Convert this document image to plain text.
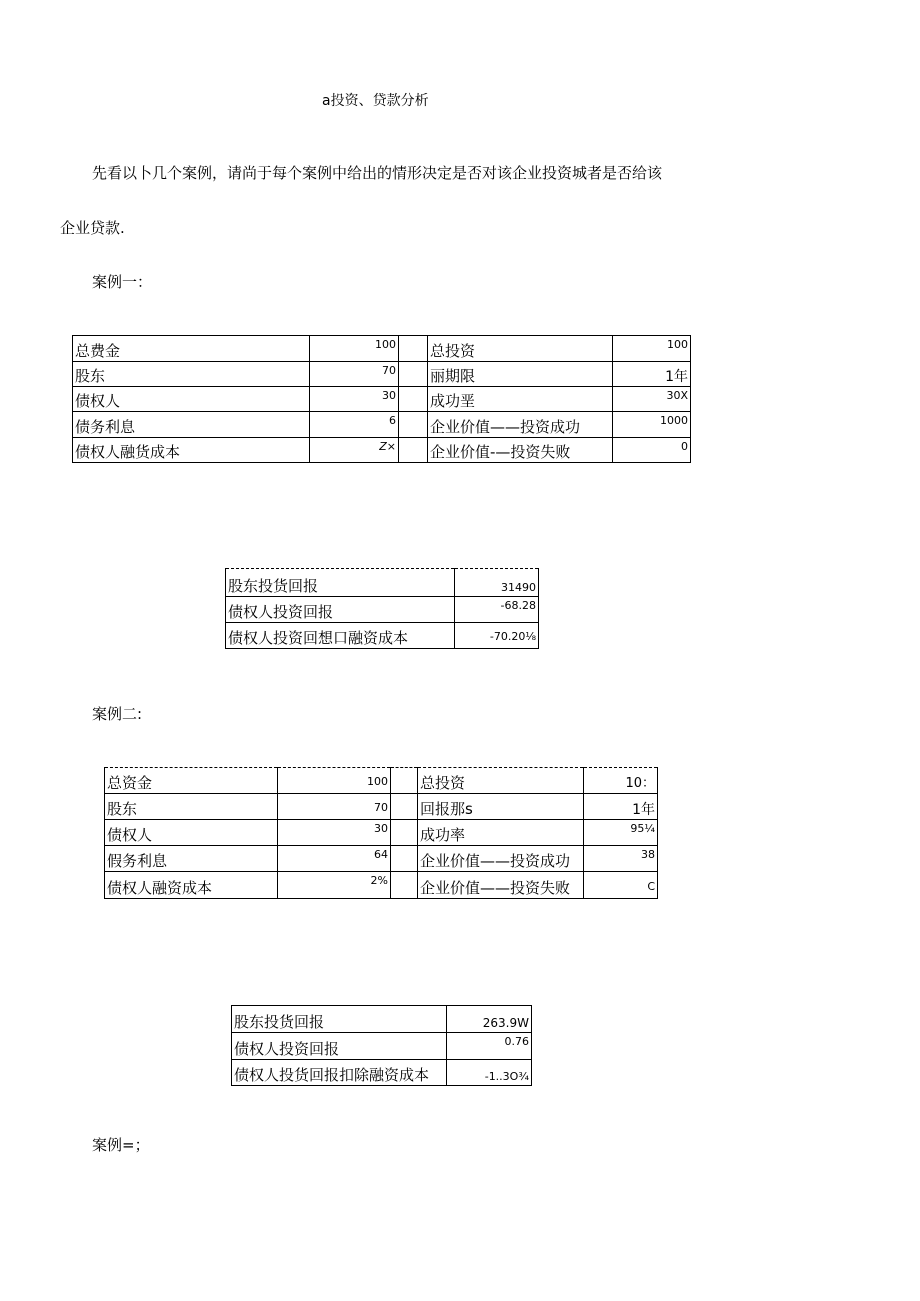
a投资、贷款分析
先看以卜几个案例，请尚于每个案例中给出的情形决定是否对该企业投资城者是否给该
企业贷款.
案例一：
总费金	100		总投资	100
股东	70		丽期限	1年
债权人	30		成功垩	30X
债务利息	6		企业价值——投资成功	1000
债权人融货成本	Z×		企业价值-—投资失败	0
股东投货回报	31490
债权人投资回报	-68.28
债权人投资回想口融资成本	-70.20⅛
案例二:
总资金	100		总投资	10：
股东	70		回报那s	1年
债权人	30		成功率	95¼
假务利息	64		企业价值——投资成功	38
债权人融资成本	2%		企业价值——投资失败	C
股东投货回报	263.9W
债权人投资回报	0.76
债权人投货回报扣除融资成本	-1..3O¾
案例=；
